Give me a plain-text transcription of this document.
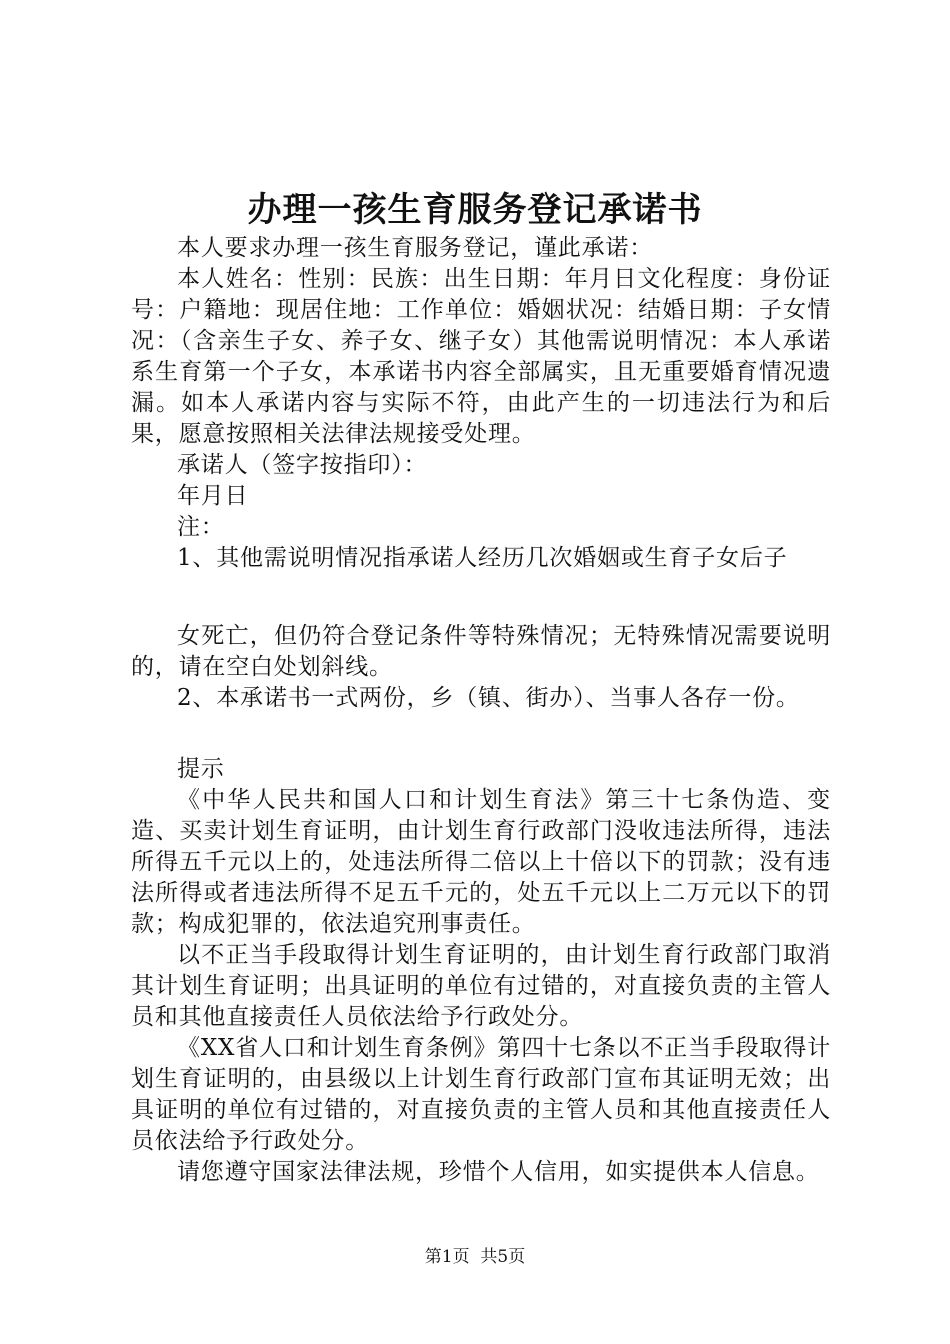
办理一孩生育服务登记承诺书

本人要求办理一孩生育服务登记，谨此承诺：

本人姓名：性别：民族：出生日期：年月日文化程度：身份证号：户籍地：现居住地：工作单位：婚姻状况：结婚日期：子女情况：（含亲生子女、养子女、继子女）其他需说明情况：本人承诺系生育第一个子女，本承诺书内容全部属实，且无重要婚育情况遗漏。如本人承诺内容与实际不符，由此产生的一切违法行为和后果，愿意按照相关法律法规接受处理。

承诺人（签字按指印）：

年月日

注：

1、其他需说明情况指承诺人经历几次婚姻或生育子女后子

女死亡，但仍符合登记条件等特殊情况；无特殊情况需要说明的，请在空白处划斜线。

2、本承诺书一式两份，乡（镇、街办）、当事人各存一份。

提示

《中华人民共和国人口和计划生育法》第三十七条伪造、变造、买卖计划生育证明，由计划生育行政部门没收违法所得，违法所得五千元以上的，处违法所得二倍以上十倍以下的罚款；没有违法所得或者违法所得不足五千元的，处五千元以上二万元以下的罚款；构成犯罪的，依法追究刑事责任。

以不正当手段取得计划生育证明的，由计划生育行政部门取消其计划生育证明；出具证明的单位有过错的，对直接负责的主管人员和其他直接责任人员依法给予行政处分。

《XX省人口和计划生育条例》第四十七条以不正当手段取得计划生育证明的，由县级以上计划生育行政部门宣布其证明无效；出具证明的单位有过错的，对直接负责的主管人员和其他直接责任人员依法给予行政处分。

请您遵守国家法律法规，珍惜个人信用，如实提供本人信息。

第1页 共5页
